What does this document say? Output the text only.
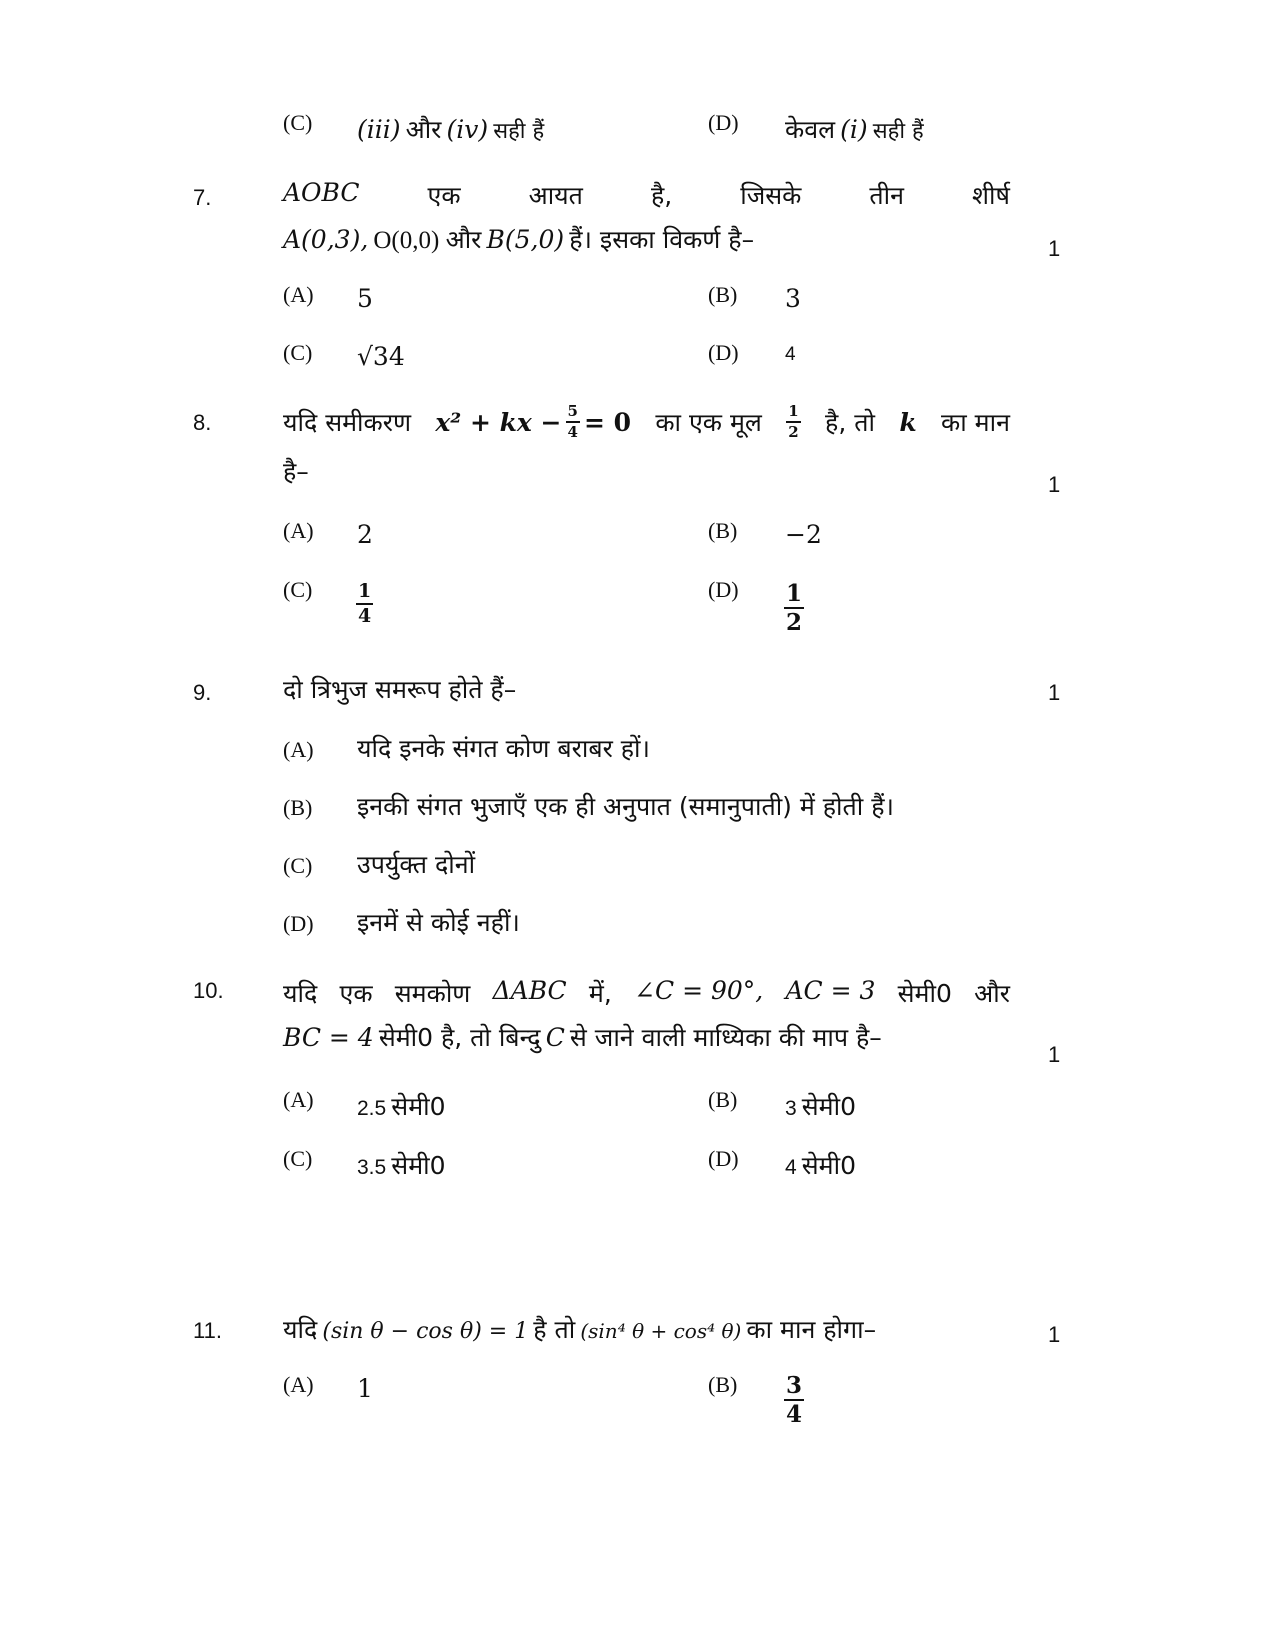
(C) (iii) और (iv) सही हैं	(D) केवल (i) सही हैं
7.	AOBC	एक	आयत	है,	जिसके	तीन	शीर्ष
A(0,3), O(0,0) और B(5,0) हैं। इसका विकर्ण है–	1
(A) 5	(B) 3
(C) √34	(D) 4
8.	यदि समीकरण x² + kx − $\frac{5}{4} = 0$ का एक मूल $\frac{1}{2}$ है, तो k का मान
है–	1
(A) 2	(B) −2
$(C) \frac{1}{4}$	$(D) \frac{1}{2}$
9.	दो त्रिभुज समरूप होते हैं–	1
(A) यदि इनके संगत कोण बराबर हों।
(B) इनकी संगत भुजाएँ एक ही अनुपात (समानुपाती) में होती हैं।
(C) उपर्युक्त दोनों
(D) इनमें से कोई नहीं।
10. यदि एक समकोण ΔABC में, ∠C = 90°, AC = 3 सेमी0 और
BC = 4 सेमी0 है, तो बिन्दु C से जाने वाली माध्यिका की माप है–
1
(A) 2.5 सेमी0	(B) 3 सेमी0
(C) 3.5 सेमी0	(D) 4 सेमी0
11. यदि (sin θ − cos θ) = 1 है तो (sin⁴ θ + cos⁴ θ) का मान होगा–	1
(A) 1	$(B) \frac{3}{4}$
